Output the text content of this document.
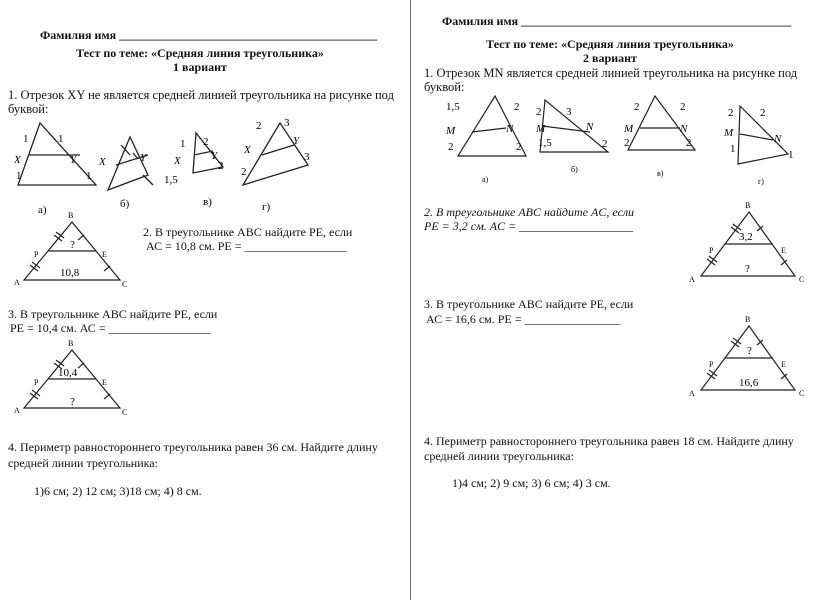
Фамилия имя ___________________________________________
Тест по теме: «Средняя линия треугольника»
1 вариант
1. Отрезок XY не является средней линией треугольника на рисунке под
буквой:
1	1
X	Y
1	1
X	Y
1 2
X	Y
2
1,5
2 3
X
Y
2
3
а)	б)	в)	г)
2. В треугольнике АВС найдите РЕ, если
АС = 10,8 см. РЕ = _________________
В
Р	Е
А	С
?
10,8
3. В треугольнике АВС найдите РЕ, если
РЕ = 10,4 см. АС = _________________
В
Р	Е
А	С
10,4
?
4. Периметр равностороннего треугольника равен 36 см. Найдите длину
средней линии треугольника:
1)6 см; 2) 12 см; 3)18 см; 4) 8 см.
Фамилия имя _____________________________________________
Тест по теме: «Средняя линия треугольника»
2 вариант
1. Отрезок MN является средней линией треугольника на рисунке под
буквой:
1,5	2
M	N
2	2
2 3
M	N
1,5	2
2	2
M	N
2	2
2 2
M	N
1	1
а)
б)	в)
г)
2. В треугольнике ABC найдите AC, если
PE = 3,2 см. AC = ___________________
В
Р	Е
А	С
3,2
?
3. В треугольнике АВС найдите РЕ, если
АС = 16,6 см. РЕ = ________________	В
Р	Е
А	С
?
16,6
4. Периметр равностороннего треугольника равен 18 см. Найдите длину
средней линии треугольника:
1)4 см; 2) 9 см; 3) 6 см; 4) 3 см.
